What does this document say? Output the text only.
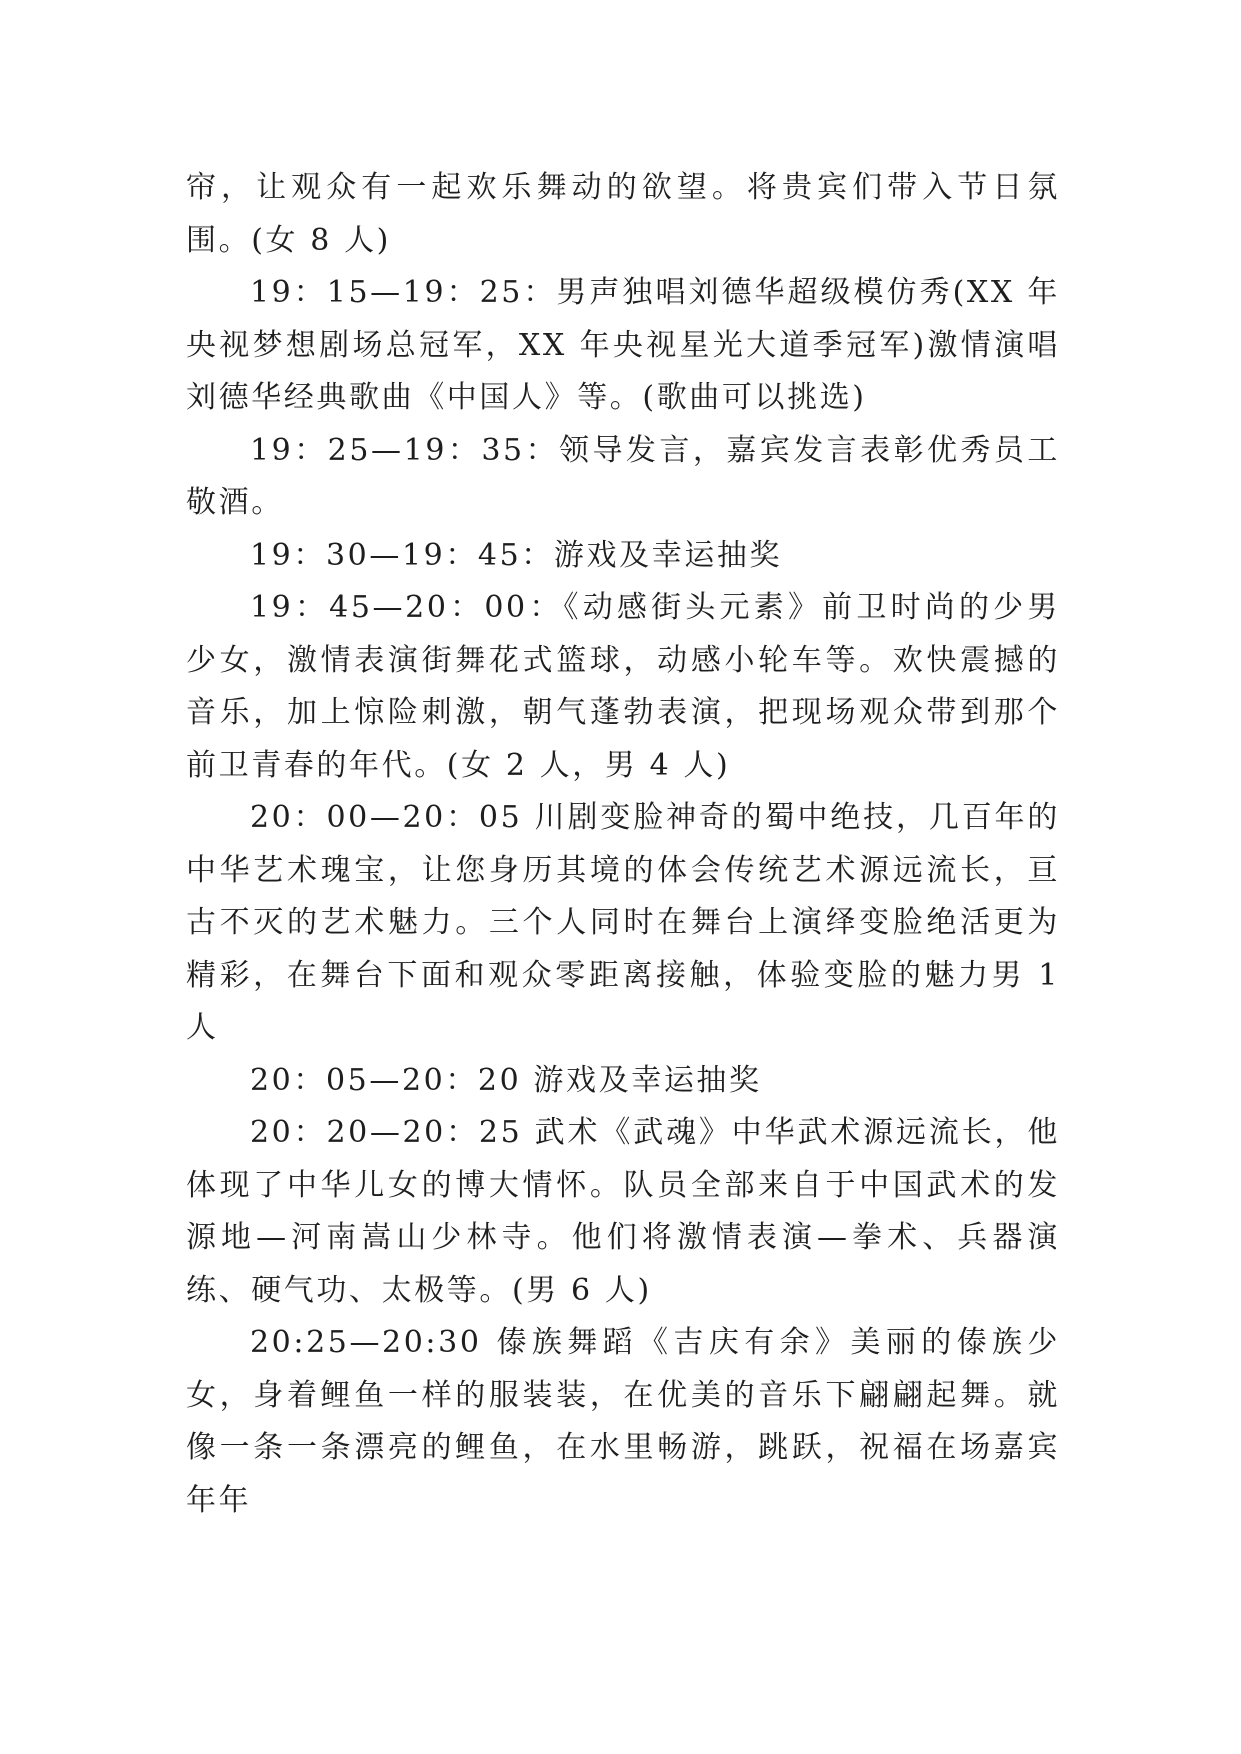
帘，让观众有一起欢乐舞动的欲望。将贵宾们带入节日氛围。(女 8 人)

19：15—19：25：男声独唱刘德华超级模仿秀(XX 年央视梦想剧场总冠军，XX 年央视星光大道季冠军)激情演唱刘德华经典歌曲《中国人》等。(歌曲可以挑选)

19：25—19：35：领导发言，嘉宾发言表彰优秀员工敬酒。

19：30—19：45：游戏及幸运抽奖

19：45—20：00：《动感街头元素》前卫时尚的少男少女，激情表演街舞花式篮球，动感小轮车等。欢快震撼的音乐，加上惊险刺激，朝气蓬勃表演，把现场观众带到那个前卫青春的年代。(女 2 人，男 4 人)

20：00—20：05 川剧变脸神奇的蜀中绝技，几百年的中华艺术瑰宝，让您身历其境的体会传统艺术源远流长，亘古不灭的艺术魅力。三个人同时在舞台上演绎变脸绝活更为精彩，在舞台下面和观众零距离接触，体验变脸的魅力男 1 人

20：05—20：20 游戏及幸运抽奖

20：20—20：25 武术《武魂》中华武术源远流长，他体现了中华儿女的博大情怀。队员全部来自于中国武术的发源地—河南嵩山少林寺。他们将激情表演—拳术、兵器演练、硬气功、太极等。(男 6 人)

20:25—20:30 傣族舞蹈《吉庆有余》美丽的傣族少女，身着鲤鱼一样的服装装，在优美的音乐下翩翩起舞。就像一条一条漂亮的鲤鱼，在水里畅游，跳跃，祝福在场嘉宾年年
